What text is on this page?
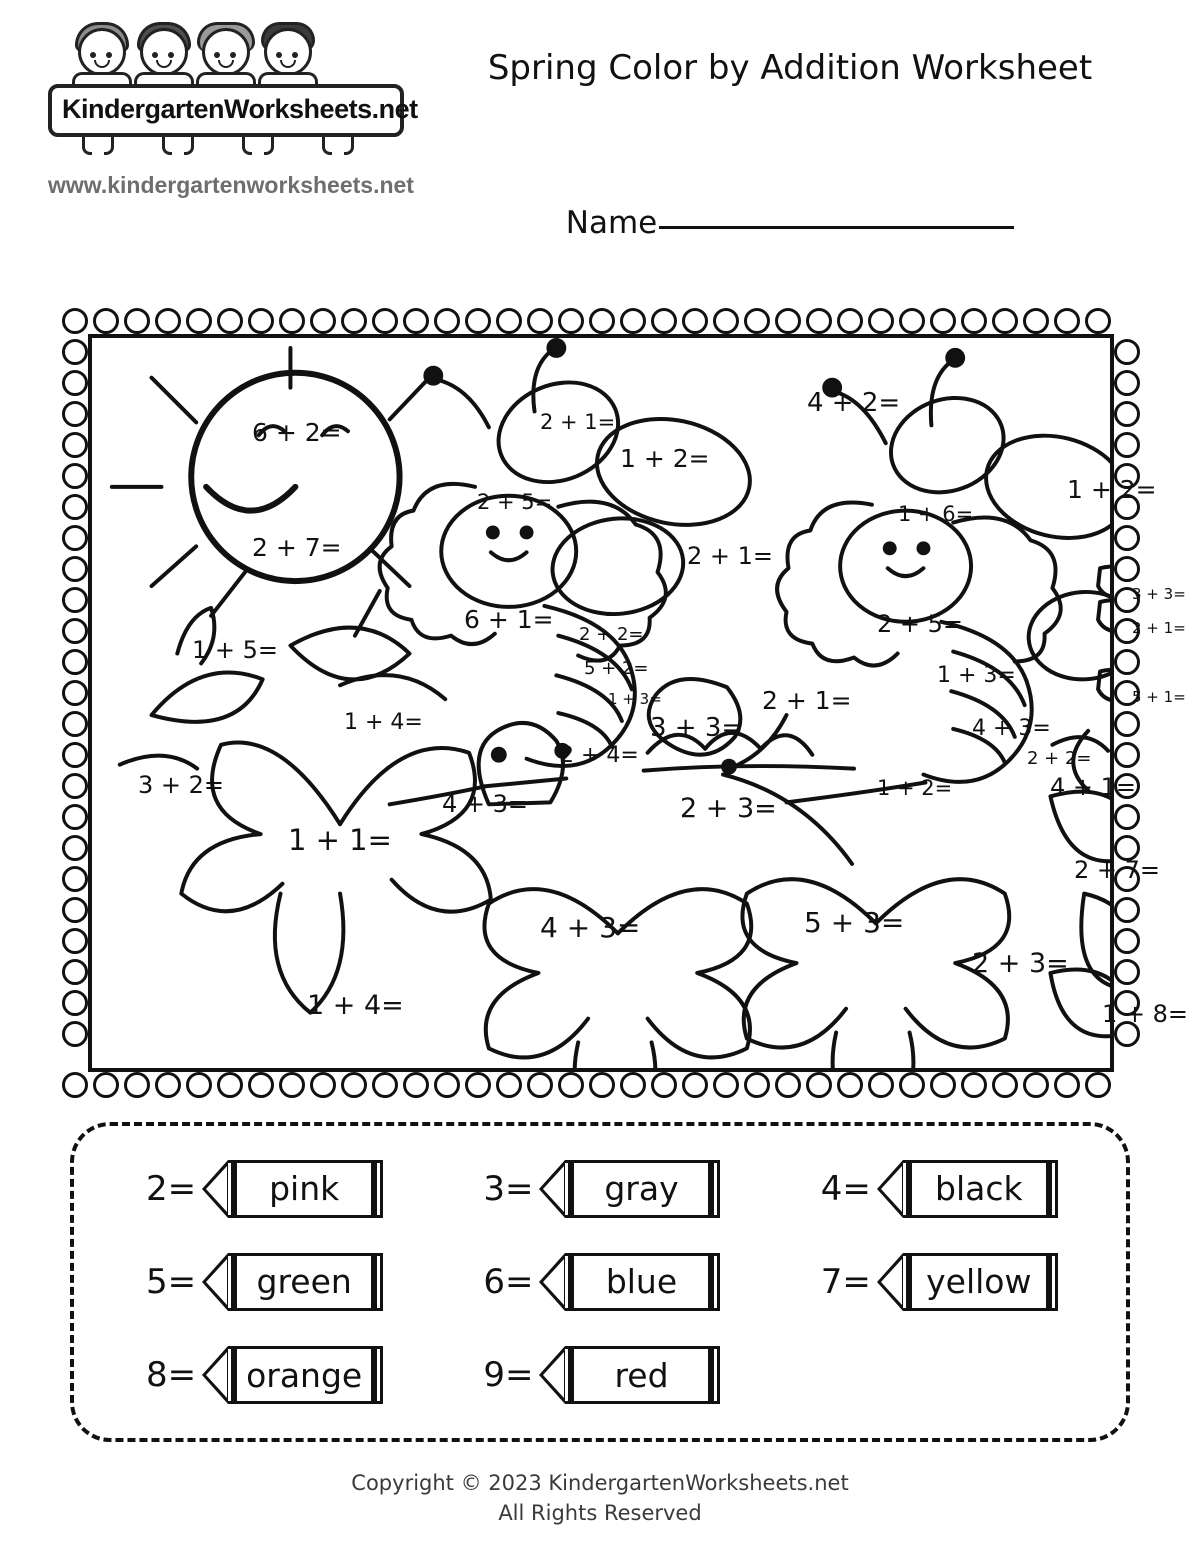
KindergartenWorksheets.net
www.kindergartenworksheets.net
Spring Color by Addition Worksheet
Name
6 + 2=
2 + 7=
2 + 1=
1 + 2=
2 + 5=
2 + 1=
6 + 1=
2 + 2=
5 + 2=
1 + 3=
4 + 2=
1 + 6=
1 + 2=
3 + 3=
2 + 1=
2 + 5=
1 + 3=
5 + 1=
4 + 3=
2 + 2=
2 + 1=
1 + 5=
1 + 4=
3 + 2=
3 + 3=
2 + 4=
4 + 3=
1 + 1=
2 + 3=
1 + 2=	4 + 1=
2 + 7=
4 + 3=	5 + 3=
2 + 3=
1 + 4=	1 + 8=
2=	pink	3=	gray	4=	black
5=	green	6=	blue	7= yellow
8= orange	9=	red
Copyright © 2023 KindergartenWorksheets.net
All Rights Reserved
